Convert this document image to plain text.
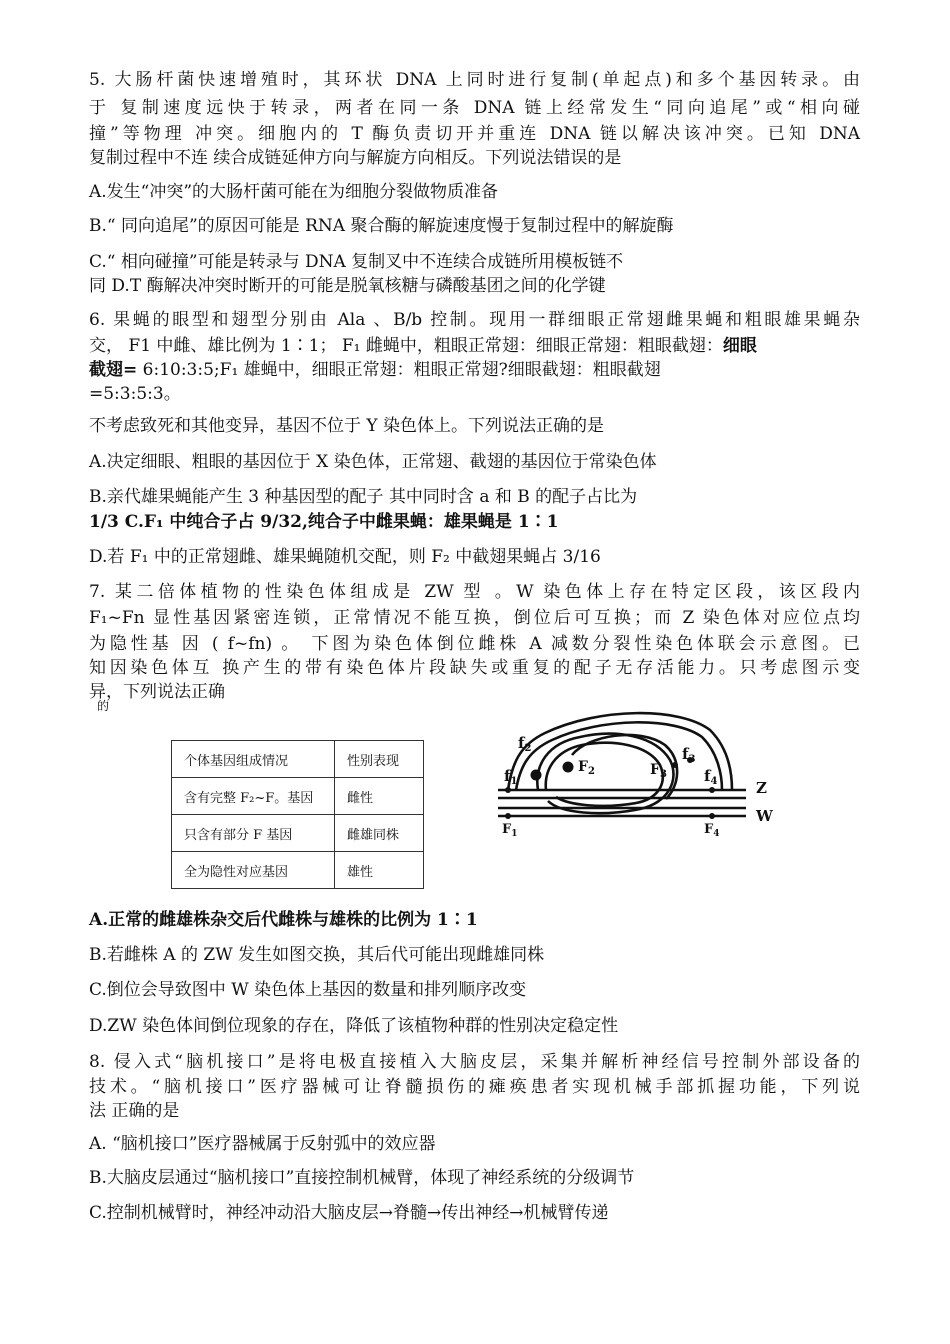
5. 大肠杆菌快速增殖时，其环状 DNA 上同时进行复制(单起点)和多个基因转录。由
于 复制速度远快于转录，两者在同一条 DNA 链上经常发生“同向追尾”或“相向碰
撞”等物理 冲突。细胞内的 T 酶负责切开并重连 DNA 链以解决该冲突。已知 DNA
复制过程中不连 续合成链延伸方向与解旋方向相反。下列说法错误的是
A.发生“冲突”的大肠杆菌可能在为细胞分裂做物质准备
B.“ 同向追尾”的原因可能是 RNA 聚合酶的解旋速度慢于复制过程中的解旋酶
C.“ 相向碰撞”可能是转录与 DNA 复制叉中不连续合成链所用模板链不
同 D.T 酶解决冲突时断开的可能是脱氧核糖与磷酸基团之间的化学键
6. 果蝇的眼型和翅型分别由 Ala 、B/b 控制。现用一群细眼正常翅雌果蝇和粗眼雄果蝇杂
交， F1 中雌、雄比例为 1∶1； F₁ 雌蝇中，粗眼正常翅：细眼正常翅：粗眼截翅：细眼
截翅= 6:10:3:5;F₁ 雄蝇中，细眼正常翅：粗眼正常翅?细眼截翅：粗眼截翅
=5:3:5:3。
不考虑致死和其他变异，基因不位于 Y 染色体上。下列说法正确的是
A.决定细眼、粗眼的基因位于 X 染色体，正常翅、截翅的基因位于常染色体
B.亲代雄果蝇能产生 3 种基因型的配子 其中同时含 a 和 B 的配子占比为
1/3 C.F₁ 中纯合子占 9/32,纯合子中雌果蝇：雄果蝇是 1∶1
D.若 F₁ 中的正常翅雌、雄果蝇随机交配，则 F₂ 中截翅果蝇占 3/16
7. 某二倍体植物的性染色体组成是 ZW 型 。W 染色体上存在特定区段，该区段内
F₁~Fn 显性基因紧密连锁，正常情况不能互换，倒位后可互换；而 Z 染色体对应位点均
为隐性基 因 ( f~fn) 。 下图为染色体倒位雌株 A 减数分裂性染色体联会示意图。已
知因染色体互 换产生的带有染色体片段缺失或重复的配子无存活能力。只考虑图示变
异，下列说法正确
的
个体基因组成情况	性别表现
含有完整 F₂~F。基因	雌性
只含有部分 F 基因	雌雄同株
全为隐性对应基因	雄性
$f_2$
$f_1$
$F_2$	$F_3$
$f_3$
$f_4$	Z
W
$F_1$	$F_4$
A.正常的雌雄株杂交后代雌株与雄株的比例为 1∶1
B.若雌株 A 的 ZW 发生如图交换，其后代可能出现雌雄同株
C.倒位会导致图中 W 染色体上基因的数量和排列顺序改变
D.ZW 染色体间倒位现象的存在，降低了该植物种群的性别决定稳定性
8. 侵入式“脑机接口”是将电极直接植入大脑皮层，采集并解析神经信号控制外部设备的
技术。“脑机接口”医疗器械可让脊髓损伤的瘫痪患者实现机械手部抓握功能，下列说
法 正确的是
A. “脑机接口”医疗器械属于反射弧中的效应器
B.大脑皮层通过“脑机接口”直接控制机械臂，体现了神经系统的分级调节
C.控制机械臂时，神经冲动沿大脑皮层→脊髓→传出神经→机械臂传递
